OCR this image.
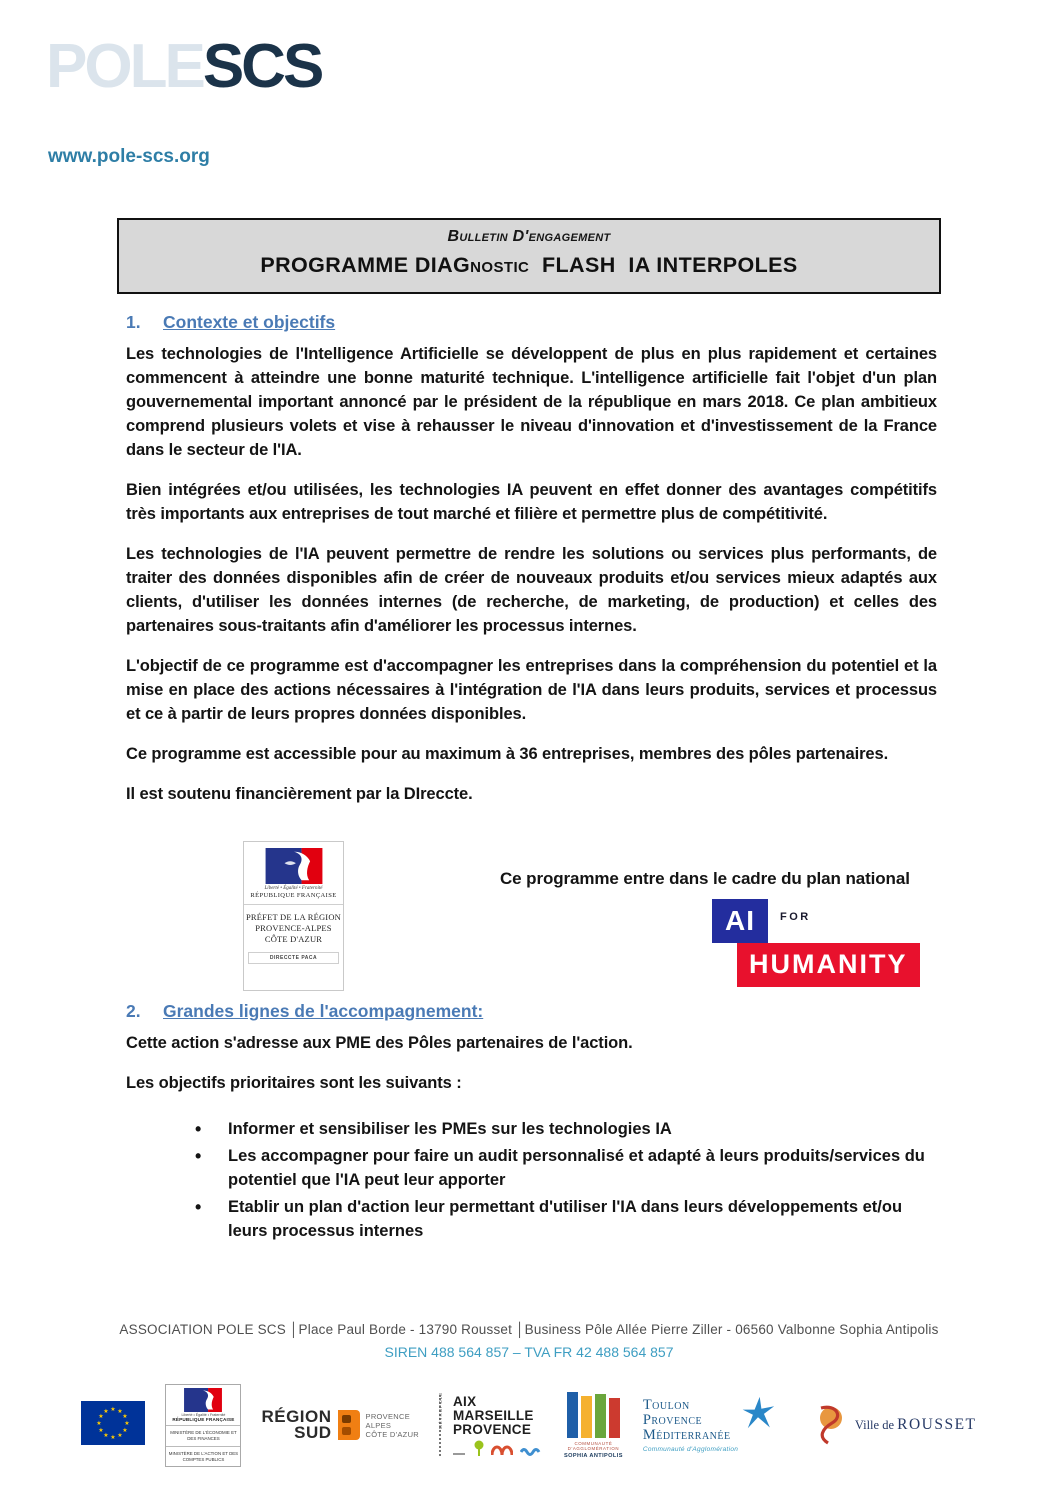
POLESCS
www.pole-scs.org
Bulletin D'engagement
PROGRAMME DIAGnostic  FLASH  IA INTERPOLES
1. Contexte et objectifs

Les technologies de l'Intelligence Artificielle se développent de plus en plus rapidement et certaines commencent à atteindre une bonne maturité technique. L'intelligence artificielle fait l'objet d'un plan gouvernemental important annoncé par le président de la république en mars 2018. Ce plan ambitieux comprend plusieurs volets et vise à rehausser le niveau d'innovation et d'investissement de la France dans le secteur de l'IA.

Bien intégrées et/ou utilisées, les technologies IA peuvent en effet donner des avantages compétitifs très importants aux entreprises de tout marché et filière et permettre plus de compétitivité.

Les technologies de l'IA peuvent permettre de rendre les solutions ou services plus performants, de traiter des données disponibles afin de créer de nouveaux produits et/ou services mieux adaptés aux clients, d'utiliser les données internes (de recherche, de marketing, de production) et celles des partenaires sous-traitants afin d'améliorer les processus internes.

L'objectif de ce programme est d'accompagner les entreprises dans la compréhension du potentiel et la mise en place des actions nécessaires à l'intégration de l'IA dans leurs produits, services et processus et ce à partir de leurs propres données disponibles.

Ce programme est accessible pour au maximum à 36 entreprises, membres des pôles partenaires.

Il est soutenu financièrement par la DIreccte.

Liberté • Égalité • Fraternité
RÉPUBLIQUE FRANÇAISE
PRÉFET DE LA RÉGION
PROVENCE-ALPES
CÔTE D'AZUR
DIRECCTE PACA
Ce programme entre dans le cadre du plan national
AI	FOR
HUMANITY
2. Grandes lignes de l'accompagnement:

Cette action s'adresse aux PME des Pôles partenaires de l'action.

Les objectifs prioritaires sont les suivants :

• Informer et sensibiliser les PMEs sur les technologies IA
• Les accompagner pour faire un audit personnalisé et adapté à leurs produits/services du potentiel que l'IA peut leur apporter
• Etablir un plan d'action leur permettant d'utiliser l'IA dans leurs développements et/ou leurs processus internes
ASSOCIATION POLE SCS │Place Paul Borde - 13790 Rousset │Business Pôle Allée Pierre Ziller - 06560 Valbonne Sophia Antipolis
SIREN 488 564 857 – TVA FR 42 488 564 857
★ ★
★
★
★
★
★
★
★
★
★
★	Liberté • Égalité • Fraternité
RÉPUBLIQUE FRANÇAISE
MINISTÈRE DE L'ÉCONOMIE ET DES FINANCES
MINISTÈRE DE L'ACTION ET DES COMPTES PUBLICS
RÉGION
SUD
PROVENCE
ALPES
CÔTE D'AZUR
MÉTROPOLE AIX
MARSEILLE
PROVENCE
COMMUNAUTÉ
D'AGGLOMÉRATION
SOPHIA ANTIPOLIS
Toulon
Provence
Méditerranée
Communauté d'Agglomération
Ville de ROUSSET
